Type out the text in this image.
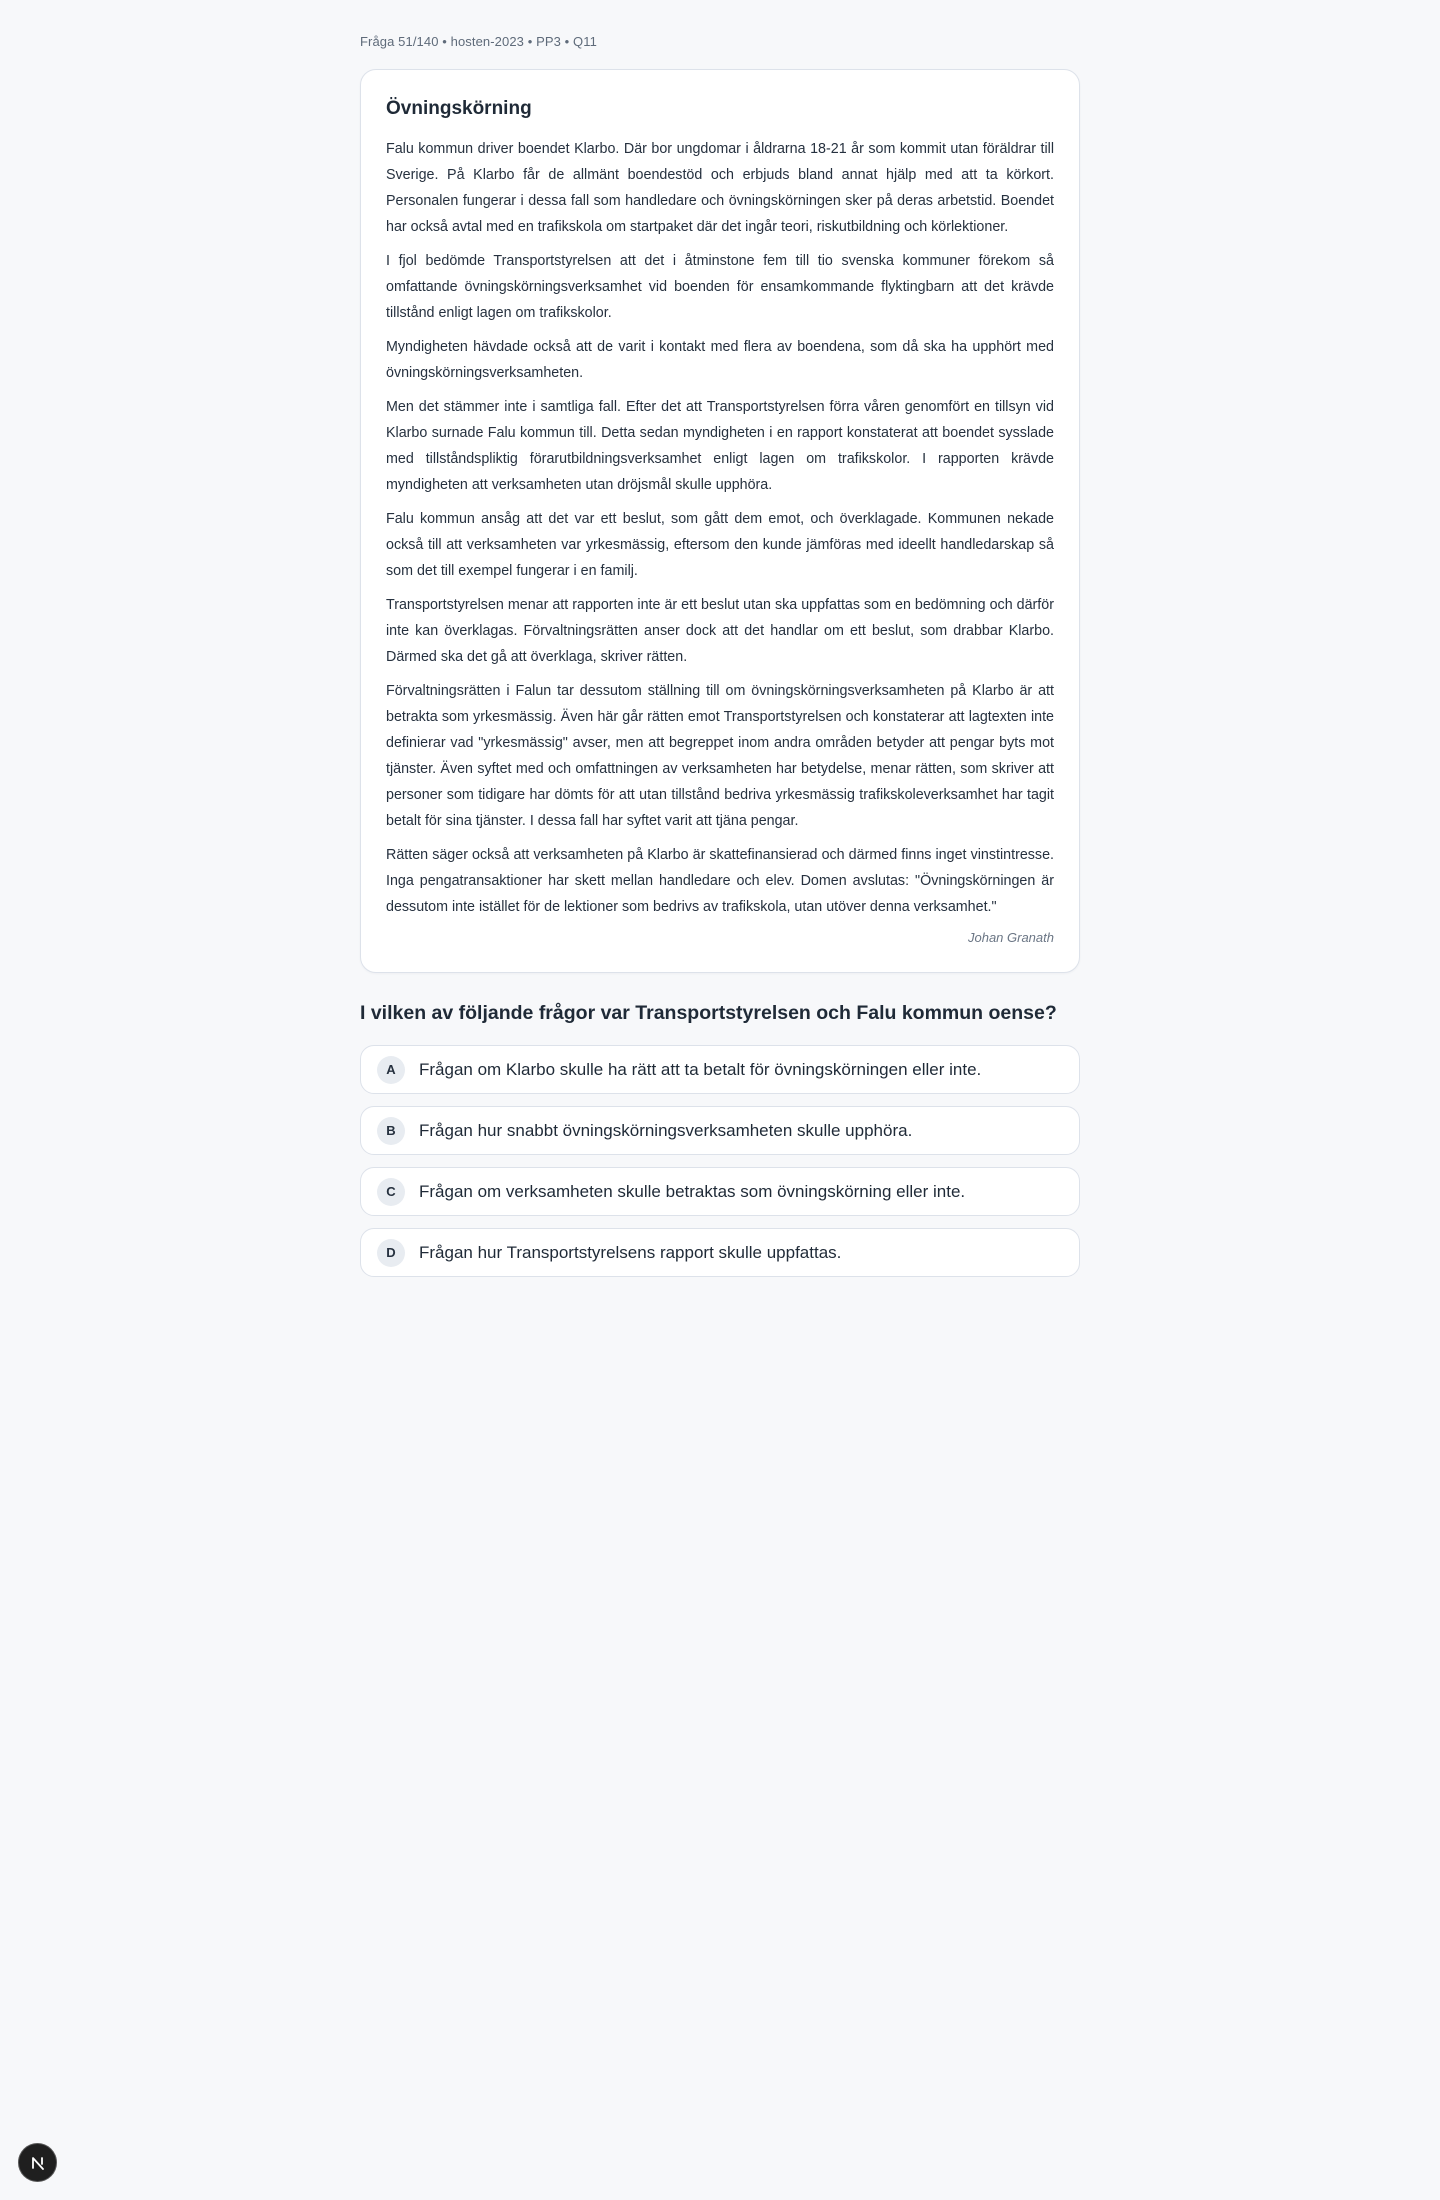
Fråga 51/140 • hosten-2023 • PP3 • Q11
Övningskörning

Falu kommun driver boendet Klarbo. Där bor ungdomar i åldrarna 18-21 år som kommit utan föräldrar till Sverige. På Klarbo får de allmänt boendestöd och erbjuds bland annat hjälp med att ta körkort. Personalen fungerar i dessa fall som handledare och övningskörningen sker på deras arbetstid. Boendet har också avtal med en trafikskola om startpaket där det ingår teori, riskutbildning och körlektioner.

I fjol bedömde Transportstyrelsen att det i åtminstone fem till tio svenska kommuner förekom så omfattande övningskörningsverksamhet vid boenden för ensamkommande flyktingbarn att det krävde tillstånd enligt lagen om trafikskolor.

Myndigheten hävdade också att de varit i kontakt med flera av boendena, som då ska ha upphört med övningskörningsverksamheten.

Men det stämmer inte i samtliga fall. Efter det att Transportstyrelsen förra våren genomfört en tillsyn vid Klarbo surnade Falu kommun till. Detta sedan myndigheten i en rapport konstaterat att boendet sysslade med tillståndspliktig förarutbildningsverksamhet enligt lagen om trafikskolor. I rapporten krävde myndigheten att verksamheten utan dröjsmål skulle upphöra.

Falu kommun ansåg att det var ett beslut, som gått dem emot, och överklagade. Kommunen nekade också till att verksamheten var yrkesmässig, eftersom den kunde jämföras med ideellt handledarskap så som det till exempel fungerar i en familj.

Transportstyrelsen menar att rapporten inte är ett beslut utan ska uppfattas som en bedömning och därför inte kan överklagas. Förvaltningsrätten anser dock att det handlar om ett beslut, som drabbar Klarbo. Därmed ska det gå att överklaga, skriver rätten.

Förvaltningsrätten i Falun tar dessutom ställning till om övningskörningsverksamheten på Klarbo är att betrakta som yrkesmässig. Även här går rätten emot Transportstyrelsen och konstaterar att lagtexten inte definierar vad "yrkesmässig" avser, men att begreppet inom andra områden betyder att pengar byts mot tjänster. Även syftet med och omfattningen av verksamheten har betydelse, menar rätten, som skriver att personer som tidigare har dömts för att utan tillstånd bedriva yrkesmässig trafikskoleverksamhet har tagit betalt för sina tjänster. I dessa fall har syftet varit att tjäna pengar.

Rätten säger också att verksamheten på Klarbo är skattefinansierad och därmed finns inget vinstintresse. Inga pengatransaktioner har skett mellan handledare och elev. Domen avslutas: "Övningskörningen är dessutom inte istället för de lektioner som bedrivs av trafikskola, utan utöver denna verksamhet."

Johan Granath
I vilken av följande frågor var Transportstyrelsen och Falu kommun oense?
A	Frågan om Klarbo skulle ha rätt att ta betalt för övningskörningen eller inte.
B	Frågan hur snabbt övningskörningsverksamheten skulle upphöra.
C	Frågan om verksamheten skulle betraktas som övningskörning eller inte.
D	Frågan hur Transportstyrelsens rapport skulle uppfattas.
